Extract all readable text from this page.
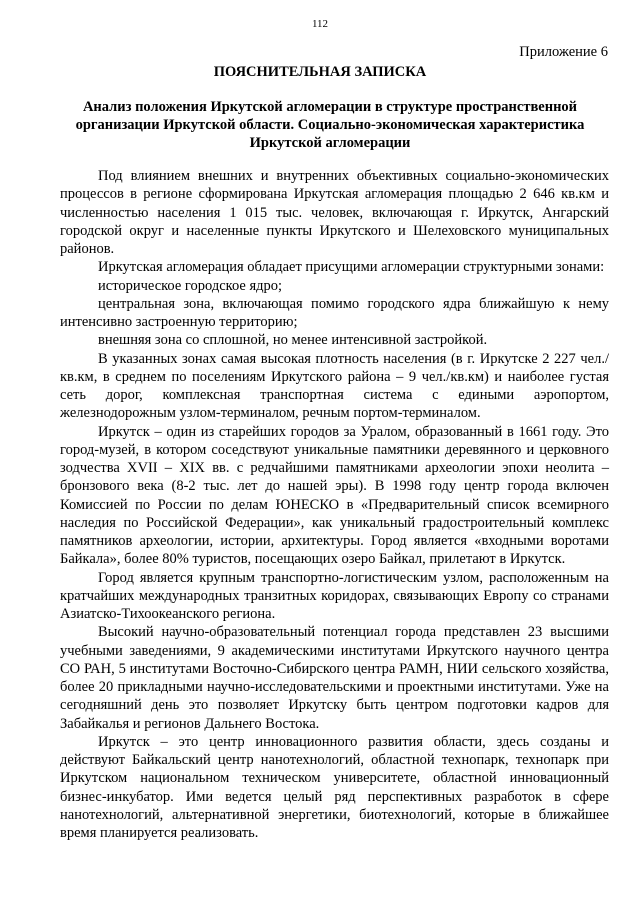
112
Приложение 6
ПОЯСНИТЕЛЬНАЯ ЗАПИСКА
Анализ положения Иркутской агломерации в структуре пространственной организации Иркутской области. Социально-экономическая характеристика Иркутской агломерации

Под влиянием внешних и внутренних объективных социально-экономических процессов в регионе сформирована Иркутская агломерация площадью 2 646 кв.км и численностью населения 1 015 тыс. человек, включающая г. Иркутск, Ангарский городской округ и населенные пункты Иркутского и Шелеховского муниципальных районов.

Иркутская агломерация обладает присущими агломерации структурными зонами:

историческое городское ядро;

центральная зона, включающая помимо городского ядра ближайшую к нему интенсивно застроенную территорию;

внешняя зона со сплошной, но менее интенсивной застройкой.

В указанных зонах самая высокая плотность населения (в г. Иркутске 2 227 чел./кв.км, в среднем по поселениям Иркутского района – 9 чел./кв.км) и наиболее густая сеть дорог, комплексная транспортная система с едиными аэропортом, железнодорожным узлом-терминалом, речным портом-терминалом.

Иркутск – один из старейших городов за Уралом, образованный в 1661 году. Это город-музей, в котором соседствуют уникальные памятники деревянного и церковного зодчества XVII – XIX вв. с редчайшими памятниками археологии эпохи неолита – бронзового века (8-2 тыс. лет до нашей эры). В 1998 году центр города включен Комиссией по России по делам ЮНЕСКО в «Предварительный список всемирного наследия по Российской Федерации», как уникальный градостроительный комплекс памятников археологии, истории, архитектуры. Город является «входными воротами Байкала», более 80% туристов, посещающих озеро Байкал, прилетают в Иркутск.

Город является крупным транспортно-логистическим узлом, расположенным на кратчайших международных транзитных коридорах, связывающих Европу со странами Азиатско-Тихоокеанского региона.

Высокий научно-образовательный потенциал города представлен 23 высшими учебными заведениями, 9 академическими институтами Иркутского научного центра СО РАН, 5 институтами Восточно-Сибирского центра РАМН, НИИ сельского хозяйства, более 20 прикладными научно-исследовательскими и проектными институтами. Уже на сегодняшний день это позволяет Иркутску быть центром подготовки кадров для Забайкалья и регионов Дальнего Востока.

Иркутск – это центр инновационного развития области, здесь созданы и действуют Байкальский центр нанотехнологий, областной технопарк, технопарк при Иркутском национальном техническом университете, областной инновационный бизнес-инкубатор. Ими ведется целый ряд перспективных разработок в сфере нанотехнологий, альтернативной энергетики, биотехнологий, которые в ближайшее время планируется реализовать.
